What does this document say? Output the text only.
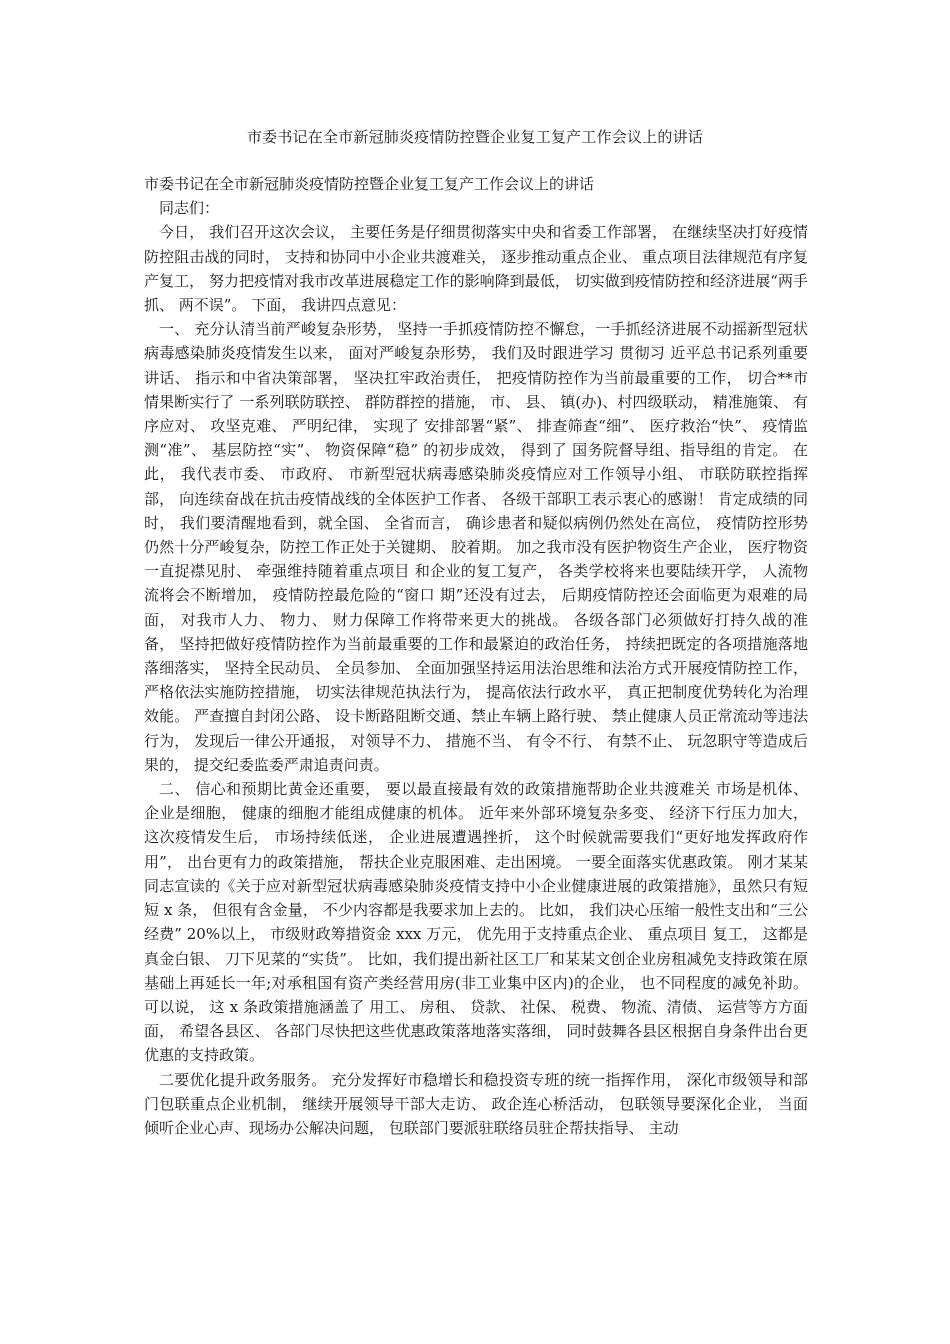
市委书记在全市新冠肺炎疫情防控暨企业复工复产工作会议上的讲话

市委书记在全市新冠肺炎疫情防控暨企业复工复产工作会议上的讲话

同志们：

今日， 我们召开这次会议， 主要任务是仔细贯彻落实中央和省委工作部署， 在继续坚决打好疫情防控阻击战的同时， 支持和协同中小企业共渡难关， 逐步推动重点企业、 重点项目法律规范有序复产复工， 努力把疫情对我市改革进展稳定工作的影响降到最低， 切实做到疫情防控和经济进展“两手抓、 两不误”。 下面， 我讲四点意见：

一、 充分认清当前严峻复杂形势， 坚持一手抓疫情防控不懈怠，一手抓经济进展不动摇新型冠状病毒感染肺炎疫情发生以来， 面对严峻复杂形势， 我们及时跟进学习 贯彻习 近平总书记系列重要讲话、 指示和中省决策部署， 坚决扛牢政治责任， 把疫情防控作为当前最重要的工作， 切合**市情果断实行了 一系列联防联控、 群防群控的措施， 市、 县、 镇(办)、村四级联动， 精准施策、 有序应对、 攻坚克难、 严明纪律， 实现了 安排部署“紧”、 排查筛查“细”、 医疗救治“快”、 疫情监测“准”、 基层防控“实”、 物资保障“稳” 的初步成效， 得到了 国务院督导组、指导组的肯定。 在此， 我代表市委、 市政府、 市新型冠状病毒感染肺炎疫情应对工作领导小组、 市联防联控指挥部， 向连续奋战在抗击疫情战线的全体医护工作者、 各级干部职工表示衷心的感谢！ 肯定成绩的同时， 我们要清醒地看到，就全国、 全省而言， 确诊患者和疑似病例仍然处在高位， 疫情防控形势仍然十分严峻复杂，防控工作正处于关键期、 胶着期。 加之我市没有医护物资生产企业， 医疗物资一直捉襟见肘、 牵强维持随着重点项目 和企业的复工复产， 各类学校将来也要陆续开学， 人流物流将会不断增加， 疫情防控最危险的“窗口 期”还没有过去， 后期疫情防控还会面临更为艰难的局面， 对我市人力、 物力、 财力保障工作将带来更大的挑战。 各级各部门必须做好打持久战的准备， 坚持把做好疫情防控作为当前最重要的工作和最紧迫的政治任务， 持续把既定的各项措施落地落细落实， 坚持全民动员、 全员参加、 全面加强坚持运用法治思维和法治方式开展疫情防控工作， 严格依法实施防控措施， 切实法律规范执法行为， 提高依法行政水平， 真正把制度优势转化为治理效能。 严查擅自封闭公路、 设卡断路阻断交通、禁止车辆上路行驶、 禁止健康人员正常流动等违法行为， 发现后一律公开通报， 对领导不力、 措施不当、 有令不行、 有禁不止、 玩忽职守等造成后果的， 提交纪委监委严肃追责问责。

二、 信心和预期比黄金还重要， 要以最直接最有效的政策措施帮助企业共渡难关 市场是机体、 企业是细胞， 健康的细胞才能组成健康的机体。 近年来外部环境复杂多变、 经济下行压力加大， 这次疫情发生后， 市场持续低迷， 企业进展遭遇挫折， 这个时候就需要我们“更好地发挥政府作用”， 出台更有力的政策措施， 帮扶企业克服困难、走出困境。 一要全面落实优惠政策。 刚才某某同志宣读的《关于应对新型冠状病毒感染肺炎疫情支持中小企业健康进展的政策措施》，虽然只有短短 x 条， 但很有含金量， 不少内容都是我要求加上去的。 比如， 我们决心压缩一般性支出和“三公经费” 20%以上， 市级财政筹措资金 xxx 万元， 优先用于支持重点企业、 重点项目 复工， 这都是真金白银、 刀下见菜的“实货”。 比如，我们提出新社区工厂和某某文创企业房租减免支持政策在原基础上再延长一年;对承租国有资产类经营用房(非工业集中区内)的企业， 也不同程度的减免补助。 可以说， 这 x 条政策措施涵盖了 用工、 房租、 贷款、 社保、 税费、 物流、清债、 运营等方方面面， 希望各县区、 各部门尽快把这些优惠政策落地落实落细， 同时鼓舞各县区根据自身条件出台更优惠的支持政策。

二要优化提升政务服务。 充分发挥好市稳增长和稳投资专班的统一指挥作用， 深化市级领导和部门包联重点企业机制， 继续开展领导干部大走访、 政企连心桥活动， 包联领导要深化企业， 当面倾听企业心声、现场办公解决问题， 包联部门要派驻联络员驻企帮扶指导、 主动
